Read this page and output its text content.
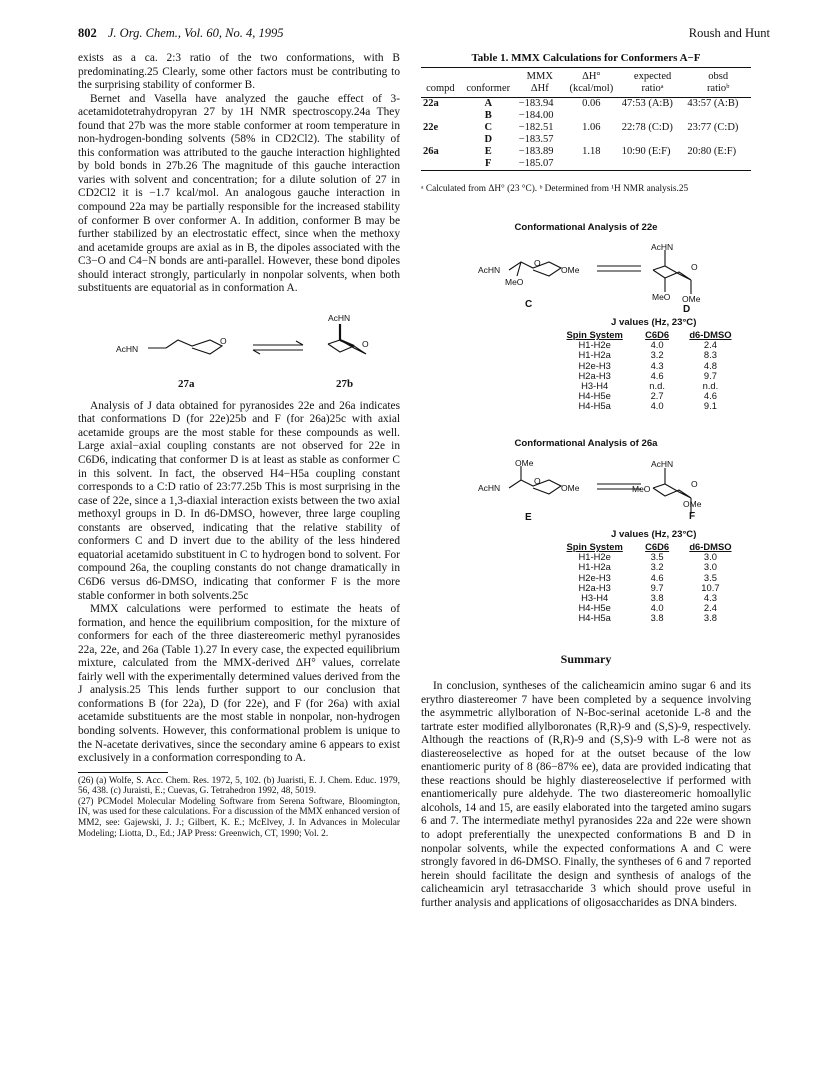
802 J. Org. Chem., Vol. 60, No. 4, 1995	Roush and Hunt

exists as a ca. 2:3 ratio of the two conformations, with B predominating.25 Clearly, some other factors must be contributing to the surprising stability of conformer B.

Bernet and Vasella have analyzed the gauche effect of 3-acetamidotetrahydropyran 27 by 1H NMR spectroscopy.24a They found that 27b was the more stable conformer at room temperature in non-hydrogen-bonding solvents (58% in CD2Cl2). The stability of this conformation was attributed to the gauche interaction highlighted by bold bonds in 27b.26 The magnitude of this gauche interaction varies with solvent and concentration; for a dilute solution of 27 in CD2Cl2 it is −1.7 kcal/mol. An analogous gauche interaction in compound 22a may be partially responsible for the increased stability of conformer B over conformer A. In addition, conformer B may be further stabilized by an electrostatic effect, since when the methoxy and acetamide groups are axial as in B, the dipoles associated with the C3−O and C4−N bonds are anti-parallel. However, these bond dipoles should interact strongly, particularly in nonpolar solvents, when both substituents are equatorial as in conformation A.

AcHN
O
AcHN
O
27a	27b

Analysis of J data obtained for pyranosides 22e and 26a indicates that conformations D (for 22e)25b and F (for 26a)25c with axial acetamide groups are the most stable for these compounds as well. Large axial−axial coupling constants are not observed for 22e in C6D6, indicating that conformer D is at least as stable as conformer C in this solvent. In fact, the observed H4−H5a coupling constant corresponds to a C:D ratio of 23:77.25b This is most surprising in the case of 22e, since a 1,3-diaxial interaction exists between the two axial methoxyl groups in D. In d6-DMSO, however, three large coupling constants are observed, indicating that the relative stability of conformers C and D invert due to the ability of the less hindered equatorial acetamido substituent in C to hydrogen bond to solvent. For compound 26a, the coupling constants do not change dramatically in C6D6 versus d6-DMSO, indicating that conformer F is the more stable conformer in both solvents.25c

MMX calculations were performed to estimate the heats of formation, and hence the equilibrium composition, for the mixture of conformers for each of the three diastereomeric methyl pyranosides 22a, 22e, and 26a (Table 1).27 In every case, the expected equilibrium mixture, calculated from the MMX-derived ΔH° values, correlate fairly well with the experimentally determined values derived from the J analysis.25 This lends further support to our conclusion that conformations B (for 22a), D (for 22e), and F (for 26a) with axial acetamide substituents are the most stable in nonpolar, non-hydrogen bonding solvents. However, this conformational problem is unique to the N-acetate derivatives, since the secondary amine 6 appears to exist exclusively in a conformation corresponding to A.

(26) (a) Wolfe, S. Acc. Chem. Res. 1972, 5, 102. (b) Juaristi, E. J. Chem. Educ. 1979, 56, 438. (c) Juraisti, E.; Cuevas, G. Tetrahedron 1992, 48, 5019.

(27) PCModel Molecular Modeling Software from Serena Software, Bloomington, IN, was used for these calculations. For a discussion of the MMX enhanced version of MM2, see: Gajewski, J. J.; Gilbert, K. E.; McElvey, J. In Advances in Molecular Modeling; Liotta, D., Ed.; JAP Press: Greenwich, CT, 1990; Vol. 2.

Table 1. MMX Calculations for Conformers A−F
		MMX	ΔH°	expected	obsd
compd	conformer	ΔHf	(kcal/mol)	ratioᵃ	ratioᵇ
22a	A	−183.94	0.06	47:53 (A:B)	43:57 (A:B)
	B	−184.00			
22e	C	−182.51	1.06	22:78 (C:D)	23:77 (C:D)
	D	−183.57			
26a	E	−183.89	1.18	10:90 (E:F)	20:80 (E:F)
	F	−185.07			
ᵃ Calculated from ΔH° (23 °C). ᵇ Determined from ¹H NMR analysis.25
Conformational Analysis of 22e
AcHN
O
OMe
MeO
AcHN
O
MeO OMe
C	D
J values (Hz, 23°C)
Spin System	C6D6	d6-DMSO
H1-H2e	4.0	2.4
H1-H2a	3.2	8.3
H2e-H3	4.3	4.8
H2a-H3	4.6	9.7
H3-H4	n.d.	n.d.
H4-H5e	2.7	4.6
H4-H5a	4.0	9.1
Conformational Analysis of 26a
OMe
AcHN
O
OMe
AcHN
MeO	O
OMe
E	F
J values (Hz, 23°C)
Spin System	C6D6	d6-DMSO
H1-H2e	3.5	3.0
H1-H2a	3.2	3.0
H2e-H3	4.6	3.5
H2a-H3	9.7	10.7
H3-H4	3.8	4.3
H4-H5e	4.0	2.4
H4-H5a	3.8	3.8
Summary

In conclusion, syntheses of the calicheamicin amino sugar 6 and its erythro diastereomer 7 have been completed by a sequence involving the asymmetric allylboration of N-Boc-serinal acetonide L-8 and the tartrate ester modified allylboronates (R,R)-9 and (S,S)-9, respectively. Although the reactions of (R,R)-9 and (S,S)-9 with L-8 were not as diastereoselective as hoped for at the outset because of the low enantiomeric purity of 8 (86−87% ee), data are provided indicating that these reactions should be highly diastereoselective if performed with enantiomerically pure aldehyde. The two diastereomeric homoallylic alcohols, 14 and 15, are easily elaborated into the targeted amino sugars 6 and 7. The intermediate methyl pyranosides 22a and 22e were shown to adopt preferentially the unexpected conformations B and D in nonpolar solvents, while the expected conformations A and C were strongly favored in d6-DMSO. Finally, the syntheses of 6 and 7 reported herein should facilitate the design and synthesis of analogs of the calicheamicin aryl tetrasaccharide 3 which should prove useful in further analysis and applications of oligosaccharides as DNA binders.
